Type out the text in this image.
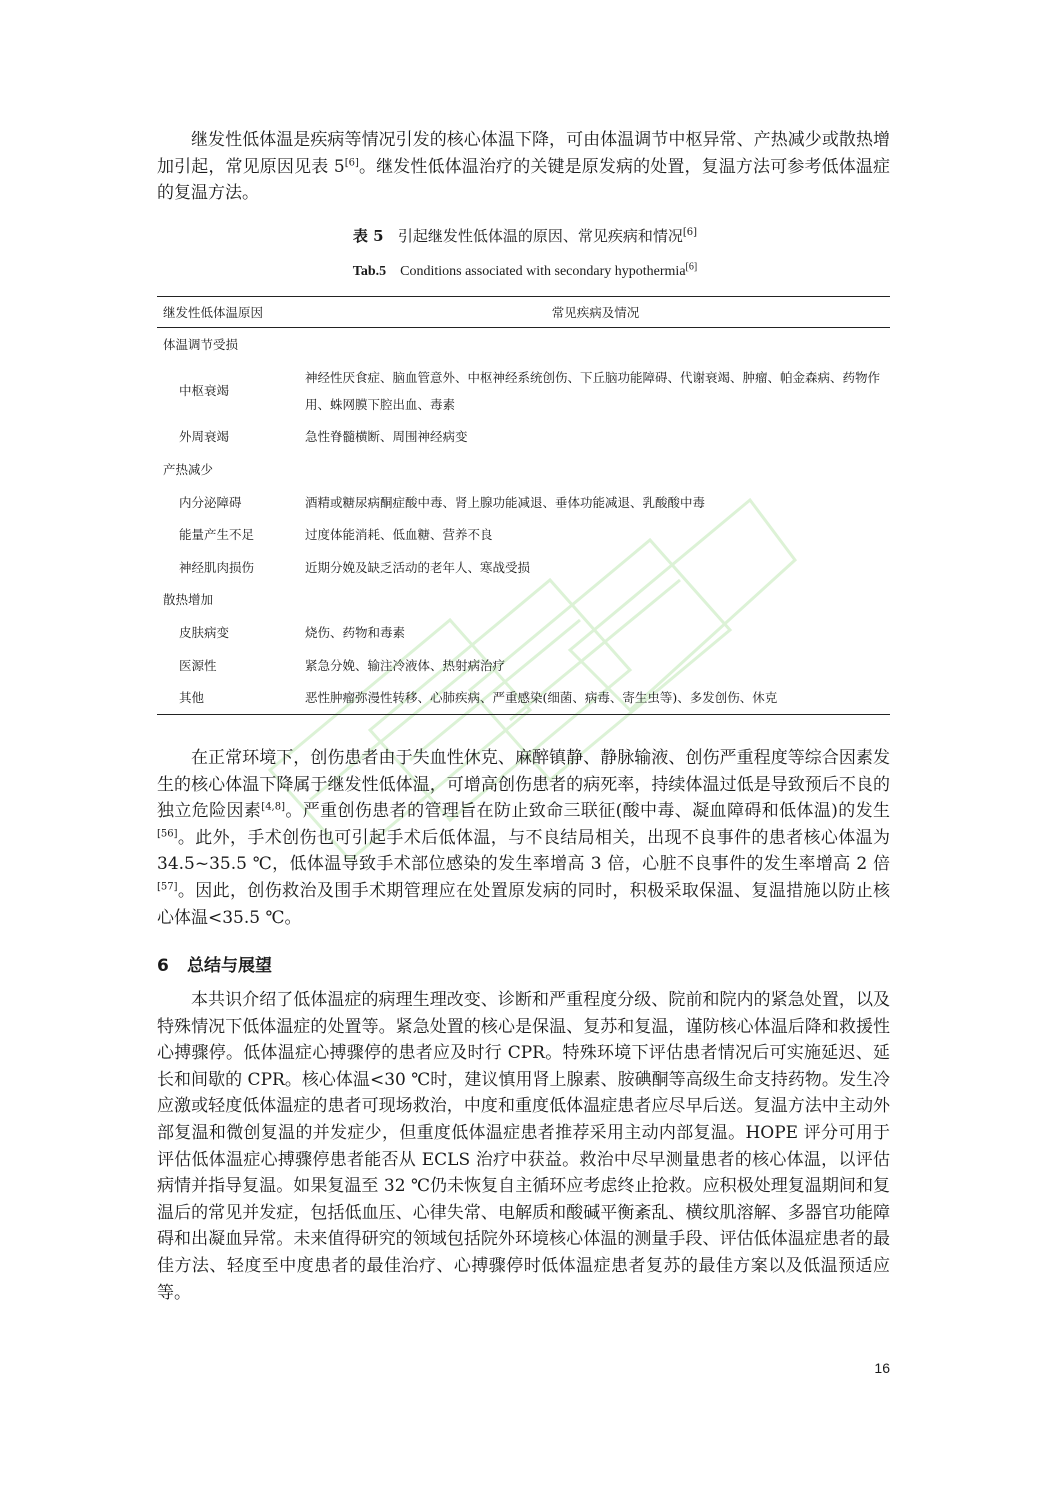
继发性低体温是疾病等情况引发的核心体温下降，可由体温调节中枢异常、产热减少或散热增加引起，常见原因见表 5[6]。继发性低体温治疗的关键是原发病的处置，复温方法可参考低体温症的复温方法。

表 5 引起继发性低体温的原因、常见疾病和情况[6]

Tab.5 Conditions associated with secondary hypothermia[6]

继发性低体温原因	常见疾病及情况
体温调节受损	
中枢衰竭	神经性厌食症、脑血管意外、中枢神经系统创伤、下丘脑功能障碍、代谢衰竭、肿瘤、帕金森病、药物作用、蛛网膜下腔出血、毒素
外周衰竭	急性脊髓横断、周围神经病变
产热减少	
内分泌障碍	酒精或糖尿病酮症酸中毒、肾上腺功能减退、垂体功能减退、乳酸酸中毒
能量产生不足	过度体能消耗、低血糖、营养不良
神经肌肉损伤	近期分娩及缺乏活动的老年人、寒战受损
散热增加	
皮肤病变	烧伤、药物和毒素
医源性	紧急分娩、输注冷液体、热射病治疗
其他	恶性肿瘤弥漫性转移、心肺疾病、严重感染(细菌、病毒、寄生虫等)、多发创伤、休克

在正常环境下，创伤患者由于失血性休克、麻醉镇静、静脉输液、创伤严重程度等综合因素发生的核心体温下降属于继发性低体温，可增高创伤患者的病死率，持续体温过低是导致预后不良的独立危险因素[4,8]。严重创伤患者的管理旨在防止致命三联征(酸中毒、凝血障碍和低体温)的发生[56]。此外，手术创伤也可引起手术后低体温，与不良结局相关，出现不良事件的患者核心体温为 34.5~35.5 ℃，低体温导致手术部位感染的发生率增高 3 倍，心脏不良事件的发生率增高 2 倍[57]。因此，创伤救治及围手术期管理应在处置原发病的同时，积极采取保温、复温措施以防止核心体温<35.5 ℃。

6 总结与展望

本共识介绍了低体温症的病理生理改变、诊断和严重程度分级、院前和院内的紧急处置，以及特殊情况下低体温症的处置等。紧急处置的核心是保温、复苏和复温，谨防核心体温后降和救援性心搏骤停。低体温症心搏骤停的患者应及时行 CPR。特殊环境下评估患者情况后可实施延迟、延长和间歇的 CPR。核心体温<30 ℃时，建议慎用肾上腺素、胺碘酮等高级生命支持药物。发生冷应激或轻度低体温症的患者可现场救治，中度和重度低体温症患者应尽早后送。复温方法中主动外部复温和微创复温的并发症少，但重度低体温症患者推荐采用主动内部复温。HOPE 评分可用于评估低体温症心搏骤停患者能否从 ECLS 治疗中获益。救治中尽早测量患者的核心体温，以评估病情并指导复温。如果复温至 32 ℃仍未恢复自主循环应考虑终止抢救。应积极处理复温期间和复温后的常见并发症，包括低血压、心律失常、电解质和酸碱平衡紊乱、横纹肌溶解、多器官功能障碍和出凝血异常。未来值得研究的领域包括院外环境核心体温的测量手段、评估低体温症患者的最佳方法、轻度至中度患者的最佳治疗、心搏骤停时低体温症患者复苏的最佳方案以及低温预适应等。

16
